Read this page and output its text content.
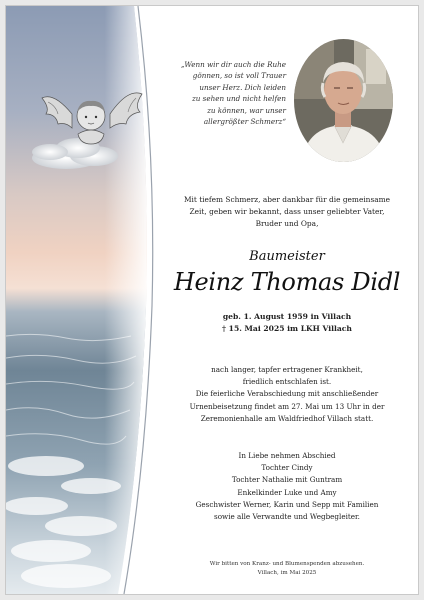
„Wenn wir dir auch die Ruhe
gönnen, so ist voll Trauer
unser Herz. Dich leiden
zu sehen und nicht helfen
zu können, war unser
allergrößter Schmerz“
Mit tiefem Schmerz, aber dankbar für die gemeinsame
Zeit, geben wir bekannt, dass unser geliebter Vater,
Bruder und Opa,
Baumeister
Heinz Thomas Didl
geb. 1. August 1959 in Villach
† 15. Mai 2025 im LKH Villach
nach langer, tapfer ertragener Krankheit,
friedlich entschlafen ist.
Die feierliche Verabschiedung mit anschließender
Urnenbeisetzung findet am 27. Mai um 13 Uhr in der
Zeremonienhalle am Waldfriedhof Villach statt.
In Liebe nehmen Abschied
Tochter Cindy
Tochter Nathalie mit Guntram
Enkelkinder Luke und Amy
Geschwister Werner, Karin und Sepp mit Familien
sowie alle Verwandte und Wegbegleiter.
Wir bitten von Kranz- und Blumenspenden abzusehen.
Villach, im Mai 2025
